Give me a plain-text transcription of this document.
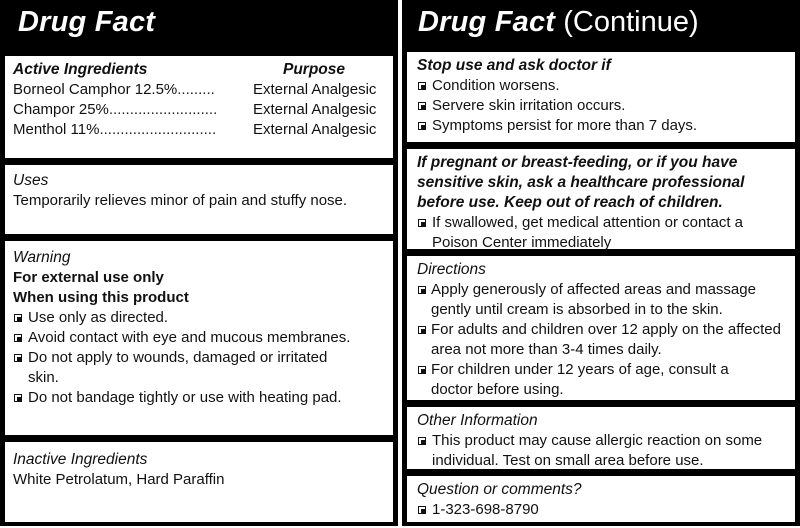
Drug Fact
Active Ingredients	Purpose
Borneol Camphor 12.5%.........	External Analgesic
Champor 25%..........................	External Analgesic
Menthol 11%............................	External Analgesic
Uses
Temporarily relieves minor of pain and stuffy nose.
Warning
For external use only
When using this product
Use only as directed.
Avoid contact with eye and mucous membranes.
Do not apply to wounds, damaged or irritated skin.
Do not bandage tightly or use with heating pad.
Inactive Ingredients
White Petrolatum, Hard Paraffin
Drug Fact (Continue)
Stop use and ask doctor if
Condition worsens.
Servere skin irritation occurs.
Symptoms persist for more than 7 days.
If pregnant or breast-feeding, or if you have sensitive skin, ask a healthcare professional before use. Keep out of reach of children.
If swallowed, get medical attention or contact a Poison Center immediately
Directions
Apply generously of affected areas and massage gently until cream is absorbed in to the skin.
For adults and children over 12 apply on the affected area not more than 3-4 times daily.
For children under 12 years of age, consult a doctor before using.
Other Information
This product may cause allergic reaction on some individual. Test on small area before use.
Question or comments?
1-323-698-8790
